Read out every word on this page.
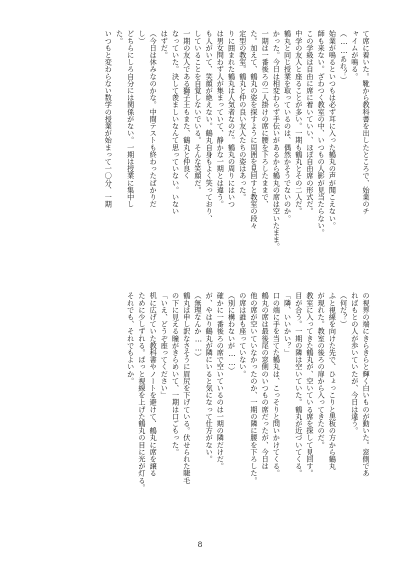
て席に着いた。靴から教科書を出したところで、始業のチ

ャイムが鳴る。

（……あれ？）

始業が鳴るといつもは必ず耳に入った鶴丸の声が聞こえない。

師も来ない。ざわつく教室の中、いつもの人影が見当たらない。

この学級は自由に席に着いていい、ほぼ自由席の形式だ。

中学の友人と座ることが多い。一期も鶴丸とその二人だ。

鶴丸と同じ授業を取っているのは、偶然かそうでないのか。

かった。今日は相変わらず手伝いがあるから鶴丸の席は空いたまま。

一期は一番後ろの二人掛けの席に腰を下ろしたままで、

た。加えて、鶴丸の姿を探すように周囲を見回すと教室の段々

定型の教室。鶴丸と仲の良い友人たちの姿はあった。

りに囲まれた鶴丸は人気者なのだ。鶴丸の周りにはいつ

は男女問わず人が集まっていて、静かな一期とは違う。

も人がいて、笑顔が絶えない。鶴丸自身もよく笑っており、

していることを自覚しないでいる。そんな笑顔だ。

一期の友人である獅子王もまた、鶴丸と仲良く

なっていた。決して羨ましいなんて思っていない。いない

はずだ。

（今日は休みなのかな。中間テストも終わったばかりだ

し）

どちらにしろ自分には関係がない。一期は授業に集中し

た。

いつもと変わらない数学の授業が始まって一〇分、一期

の視界の端にきらきらと輝く白いものが動いた。窓側であ

ればもとの人が歩いていたが、今日は違う。

（何だ？）

ふと視線を向けた先で、ひょっこりと黒板の方から鶴丸

が現れた。教室の後ろの扉から入ってきたのだ。

教室に入ってきた鶴丸が、空いている席を探して見回す。

目が合う。一期の隣は空いていた。鶴丸が近づいてくる。

「隣、いいかい？」

口の端に手を当てた鶴丸は、こっそりと問いかけてくる。

鶴丸の席は最後尾の窓側のいつもの席だったが、今日は

他の席が空いていなかったのか、一期の隣に腰を下ろした。

の席は誰も座っていない。

（別に構わないが……）

確かに一番後ろの席で空いているのは一期の隣だけだ。

が、やはり鶴丸が隣にいると気になって仕方がない。

（無理なんか……）

鶴丸は申し訳なさそうに眉尻を下げている。伏せられた睫毛

の下に見える瞳がきらめいて、一期は口ごもった。

「いえ、どうぞ座ってください」

机に広げていた教科書やノートを避けて、鶴丸に席を譲る

ために少しずれる。ぱっと視線を上げた鶴丸の目に光が灯る。

それでも、それでもよいか。

8
